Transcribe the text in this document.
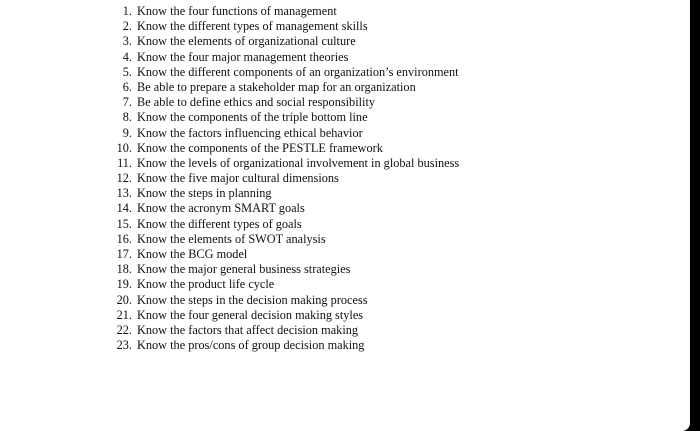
1. Know the four functions of management
2. Know the different types of management skills
3. Know the elements of organizational culture
4. Know the four major management theories
5. Know the different components of an organization’s environment
6. Be able to prepare a stakeholder map for an organization
7. Be able to define ethics and social responsibility
8. Know the components of the triple bottom line
9. Know the factors influencing ethical behavior
10. Know the components of the PESTLE framework
11. Know the levels of organizational involvement in global business
12. Know the five major cultural dimensions
13. Know the steps in planning
14. Know the acronym SMART goals
15. Know the different types of goals
16. Know the elements of SWOT analysis
17. Know the BCG model
18. Know the major general business strategies
19. Know the product life cycle
20. Know the steps in the decision making process
21. Know the four general decision making styles
22. Know the factors that affect decision making
23. Know the pros/cons of group decision making
